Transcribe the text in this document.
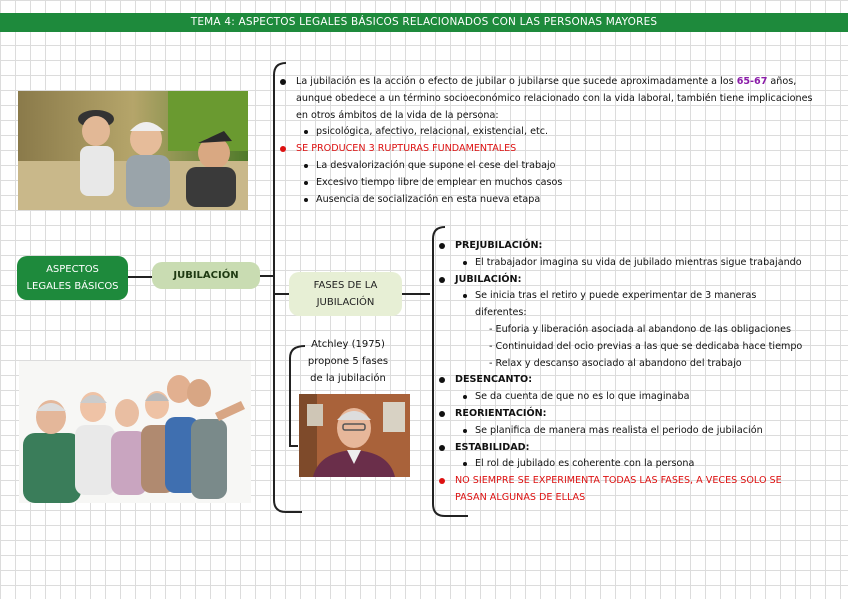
TEMA 4: ASPECTOS LEGALES BÁSICOS RELACIONADOS CON LAS PERSONAS MAYORES
ASPECTOS
LEGALES BÁSICOS
JUBILACIÓN
FASES DE LA
JUBILACIÓN
Atchley (1975)
propone 5 fases
de la jubilación
La jubilación es la acción o efecto de jubilar o jubilarse que sucede aproximadamente a los 65-67 años,
aunque obedece a un término socioeconómico relacionado con la vida laboral, también tiene implicaciones
en otros ámbitos de la vida de la persona:
psicológica, afectivo, relacional, existencial, etc.
SE PRODUCEN 3 RUPTURAS FUNDAMENTALES
La desvalorización que supone el cese del trabajo
Excesivo tiempo libre de emplear en muchos casos
Ausencia de socialización en esta nueva etapa
PREJUBILACIÓN:
El trabajador imagina su vida de jubilado mientras sigue trabajando
JUBILACIÓN:
Se inicia tras el retiro y puede experimentar de 3 maneras
diferentes:
- Euforia y liberación asociada al abandono de las obligaciones
- Continuidad del ocio previas a las que se dedicaba hace tiempo
- Relax y descanso asociado al abandono del trabajo
DESENCANTO:
Se da cuenta de que no es lo que imaginaba
REORIENTACIÓN:
Se planifica de manera mas realista el periodo de jubilación
ESTABILIDAD:
El rol de jubilado es coherente con la persona
NO SIEMPRE SE EXPERIMENTA TODAS LAS FASES, A VECES SOLO SE
PASAN ALGUNAS DE ELLAS
